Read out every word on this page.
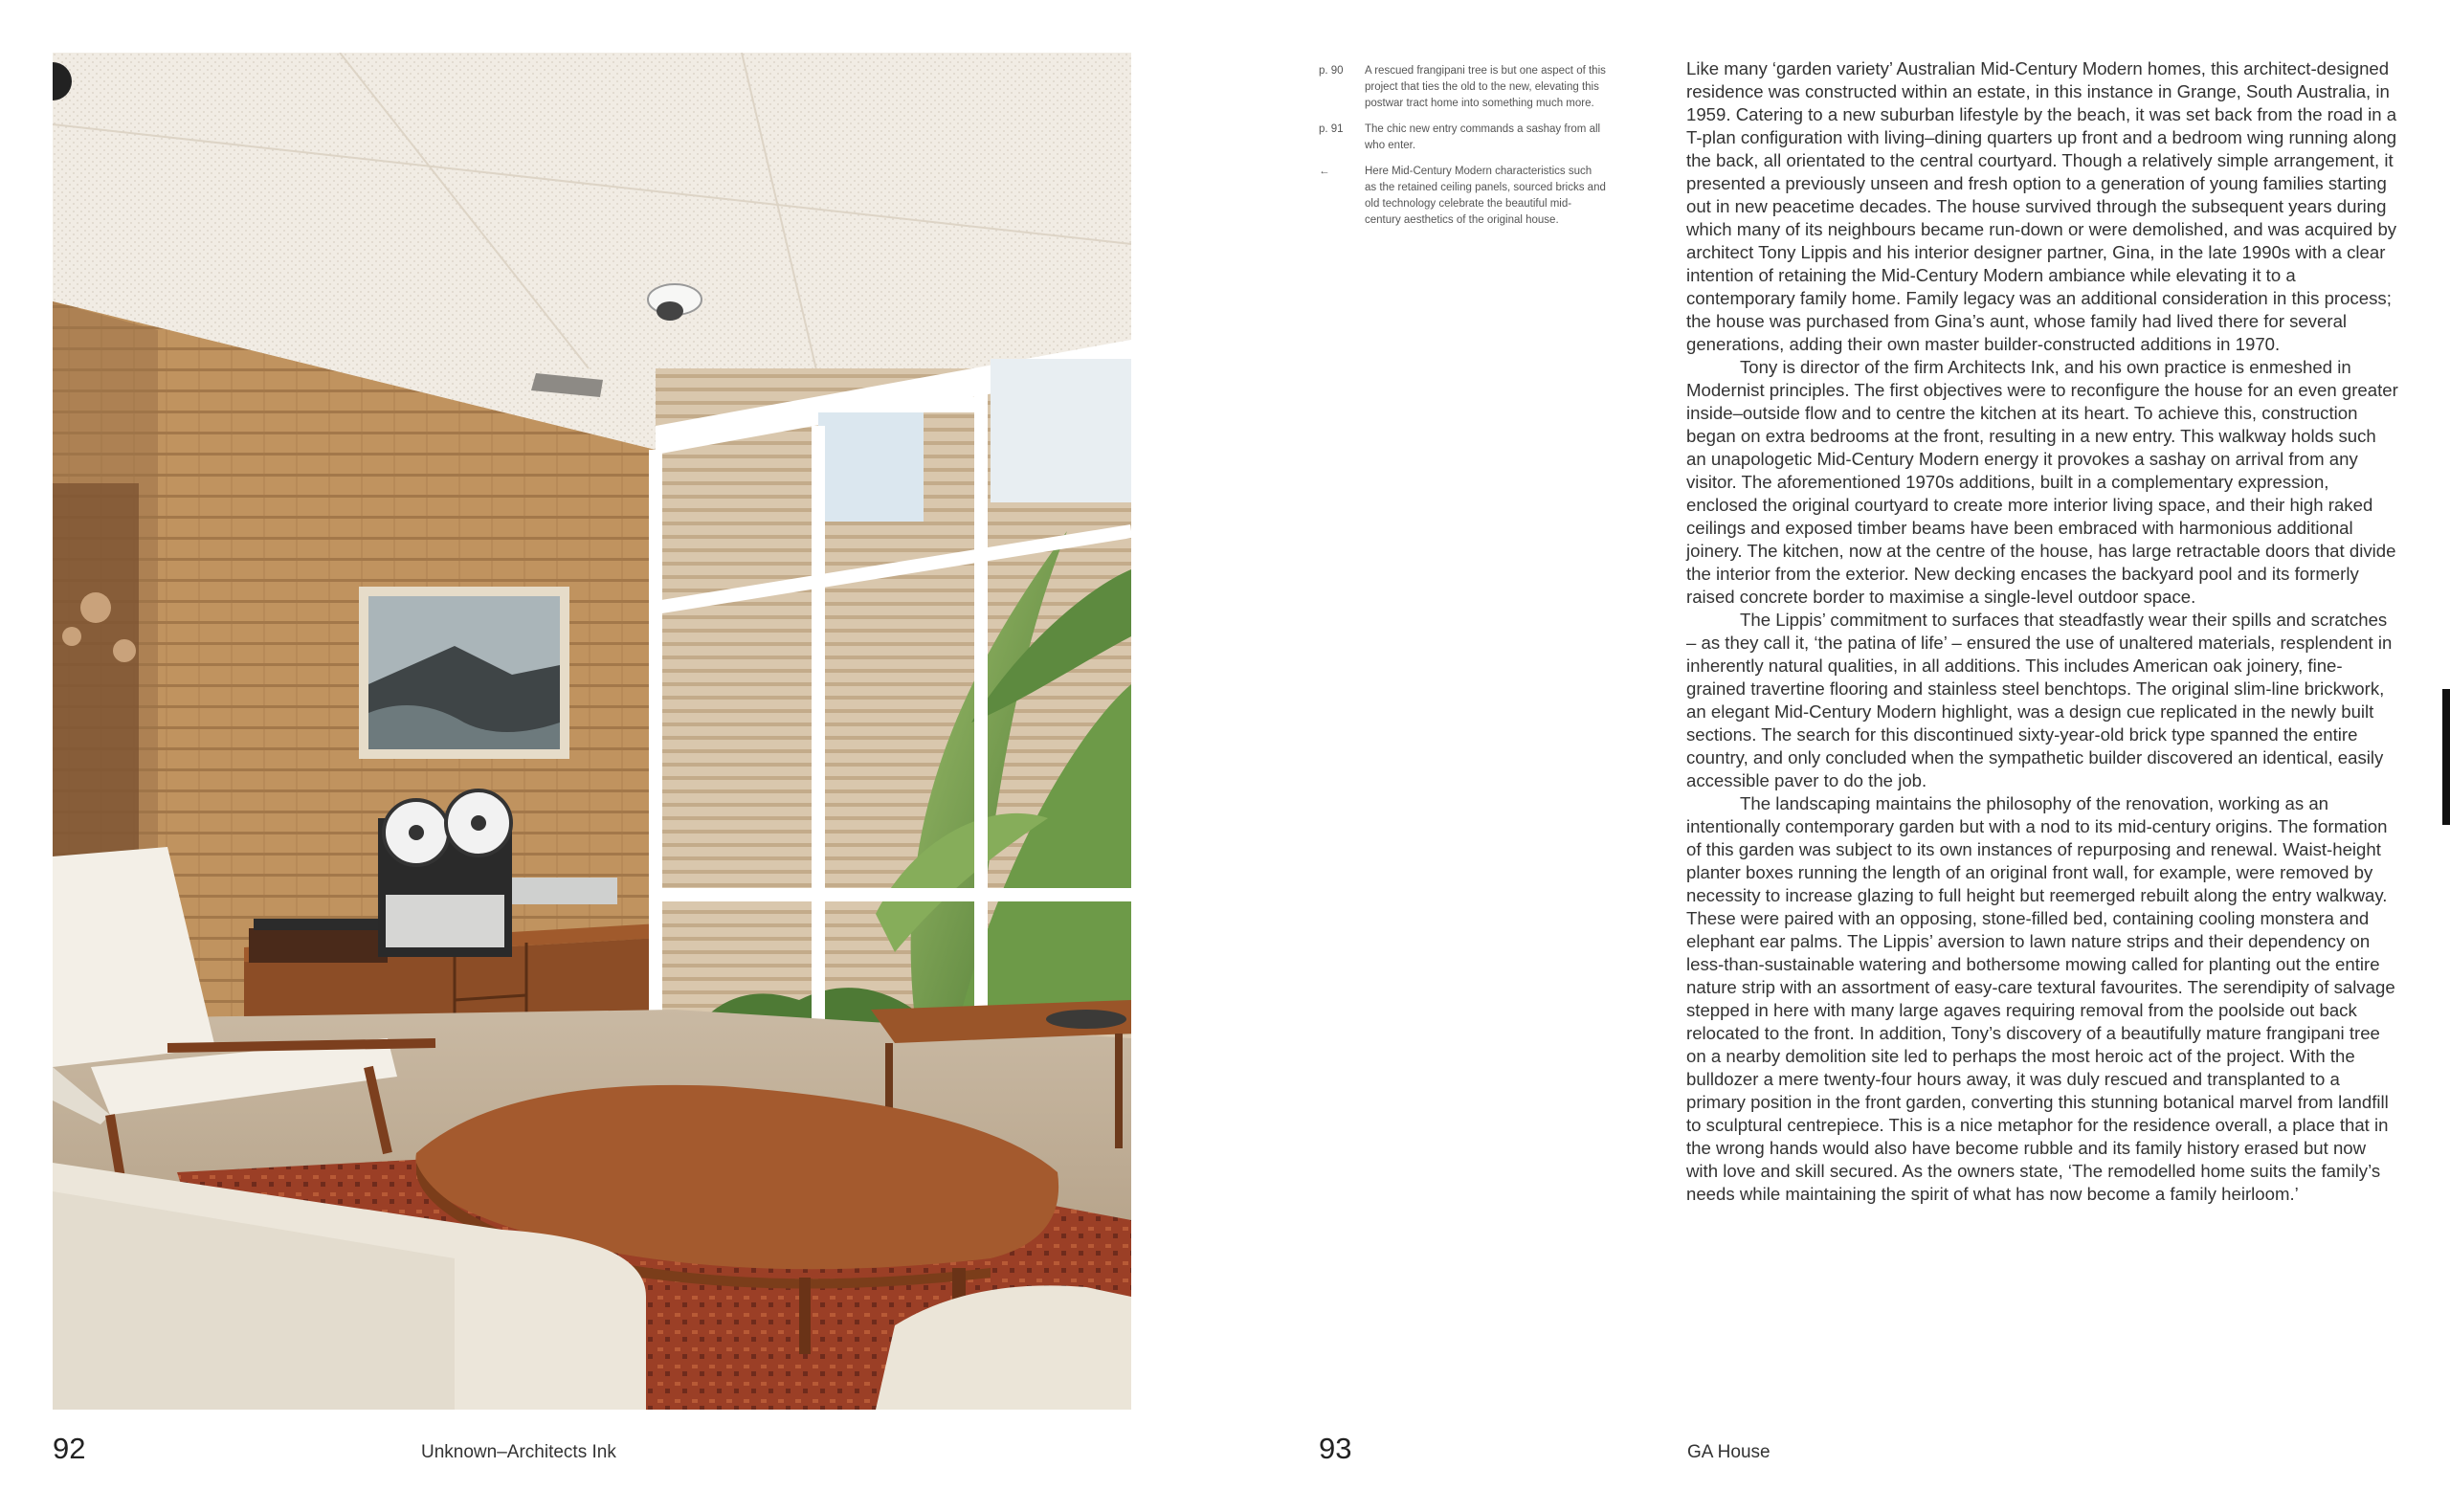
92	Unknown–Architects Ink
p. 90	A rescued frangipani tree is but one aspect of this project that ties the old to the new, elevating this postwar tract home into something much more.
p. 91	The chic new entry commands a sashay from all who enter.
←	Here Mid-Century Modern characteristics such as the retained ceiling panels, sourced bricks and old technology celebrate the beautiful mid-century aesthetics of the original house.

Like many ‘garden variety’ Australian Mid-Century Modern homes, this architect-designed residence was constructed within an estate, in this instance in Grange, South Australia, in 1959. Catering to a new suburban lifestyle by the beach, it was set back from the road in a T-plan configuration with living–dining quarters up front and a bedroom wing running along the back, all orientated to the central courtyard. Though a relatively simple arrangement, it presented a previously unseen and fresh option to a generation of young families starting out in new peacetime decades. The house survived through the subsequent years during which many of its neighbours became run-down or were demolished, and was acquired by architect Tony Lippis and his interior designer partner, Gina, in the late 1990s with a clear intention of retaining the Mid-Century Modern ambiance while elevating it to a contemporary family home. Family legacy was an additional consideration in this process; the house was purchased from Gina’s aunt, whose family had lived there for several generations, adding their own master builder-constructed additions in 1970.

Tony is director of the firm Architects Ink, and his own practice is enmeshed in Modernist principles. The first objectives were to reconfigure the house for an even greater inside–outside flow and to centre the kitchen at its heart. To achieve this, construction began on extra bedrooms at the front, resulting in a new entry. This walkway holds such an unapologetic Mid-Century Modern energy it provokes a sashay on arrival from any visitor. The aforementioned 1970s additions, built in a complementary expression, enclosed the original courtyard to create more interior living space, and their high raked ceilings and exposed timber beams have been embraced with harmonious additional joinery. The kitchen, now at the centre of the house, has large retractable doors that divide the interior from the exterior. New decking encases the backyard pool and its formerly raised concrete border to maximise a single-level outdoor space.

The Lippis’ commitment to surfaces that steadfastly wear their spills and scratches – as they call it, ‘the patina of life’ – ensured the use of unaltered materials, resplendent in inherently natural qualities, in all additions. This includes American oak joinery, fine-grained travertine flooring and stainless steel benchtops. The original slim-line brickwork, an elegant Mid-Century Modern highlight, was a design cue replicated in the newly built sections. The search for this discontinued sixty-year-old brick type spanned the entire country, and only concluded when the sympathetic builder discovered an identical, easily accessible paver to do the job.

The landscaping maintains the philosophy of the renovation, working as an intentionally contemporary garden but with a nod to its mid-century origins. The formation of this garden was subject to its own instances of repurposing and renewal. Waist-height planter boxes running the length of an original front wall, for example, were removed by necessity to increase glazing to full height but reemerged rebuilt along the entry walkway. These were paired with an opposing, stone-filled bed, containing cooling monstera and elephant ear palms. The Lippis’ aversion to lawn nature strips and their dependency on less-than-sustainable watering and bothersome mowing called for planting out the entire nature strip with an assortment of easy-care textural favourites. The serendipity of salvage stepped in here with many large agaves requiring removal from the poolside out back relocated to the front. In addition, Tony’s discovery of a beautifully mature frangipani tree on a nearby demolition site led to perhaps the most heroic act of the project. With the bulldozer a mere twenty-four hours away, it was duly rescued and transplanted to a primary position in the front garden, converting this stunning botanical marvel from landfill to sculptural centrepiece. This is a nice metaphor for the residence overall, a place that in the wrong hands would also have become rubble and its family history erased but now with love and skill secured. As the owners state, ‘The remodelled home suits the family’s needs while maintaining the spirit of what has now become a family heirloom.’

93	GA House
